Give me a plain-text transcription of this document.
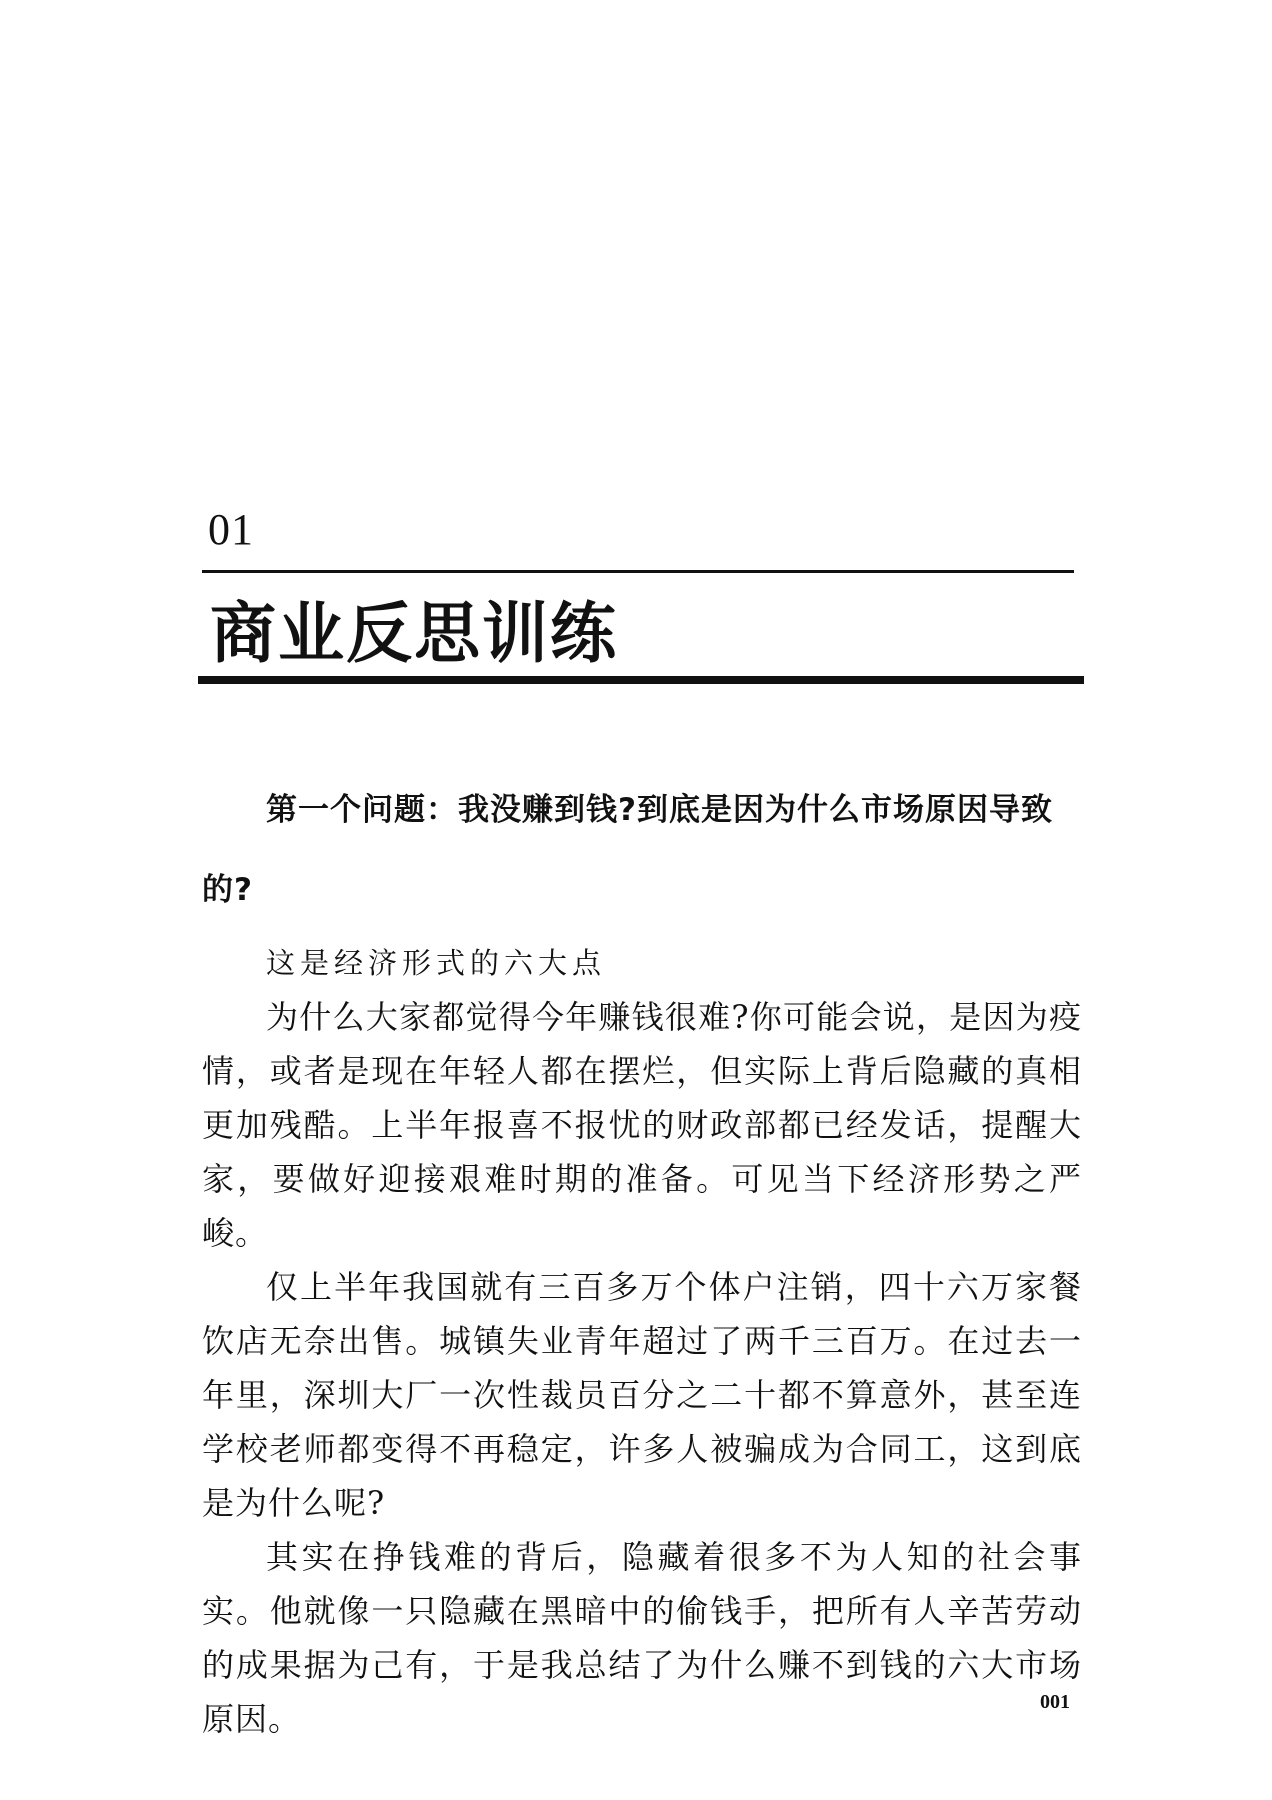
01
商业反思训练

第一个问题：我没赚到钱?到底是因为什么市场原因导致的?

这是经济形式的六大点

为什么大家都觉得今年赚钱很难?你可能会说，是因为疫情，或者是现在年轻人都在摆烂，但实际上背后隐藏的真相更加残酷。上半年报喜不报忧的财政部都已经发话，提醒大家，要做好迎接艰难时期的准备。可见当下经济形势之严峻。

仅上半年我国就有三百多万个体户注销，四十六万家餐饮店无奈出售。城镇失业青年超过了两千三百万。在过去一年里，深圳大厂一次性裁员百分之二十都不算意外，甚至连学校老师都变得不再稳定，许多人被骗成为合同工，这到底是为什么呢?

其实在挣钱难的背后，隐藏着很多不为人知的社会事实。他就像一只隐藏在黑暗中的偷钱手，把所有人辛苦劳动的成果据为己有，于是我总结了为什么赚不到钱的六大市场原因。	001
